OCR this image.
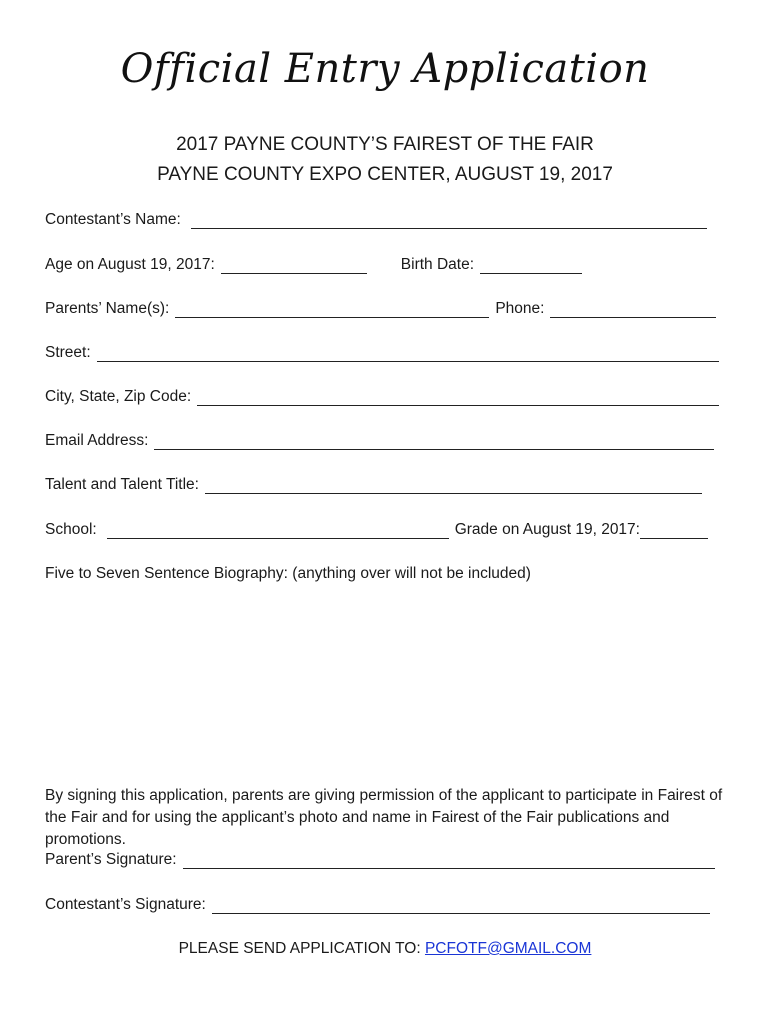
Official Entry Application
2017 PAYNE COUNTY’S FAIREST OF THE FAIR
PAYNE COUNTY EXPO CENTER, AUGUST 19, 2017
Contestant’s Name:
Age on August 19, 2017:	Birth Date:
Parents’ Name(s):	Phone:
Street:
City, State, Zip Code:
Email Address:
Talent and Talent Title:
School:	Grade on August 19, 2017:
Five to Seven Sentence Biography: (anything over will not be included)
By signing this application, parents are giving permission of the applicant to participate in Fairest of the Fair and for using the applicant’s photo and name in Fairest of the Fair publications and promotions.
Parent’s Signature:
Contestant’s Signature:
PLEASE SEND APPLICATION TO: PCFOTF@GMAIL.COM
